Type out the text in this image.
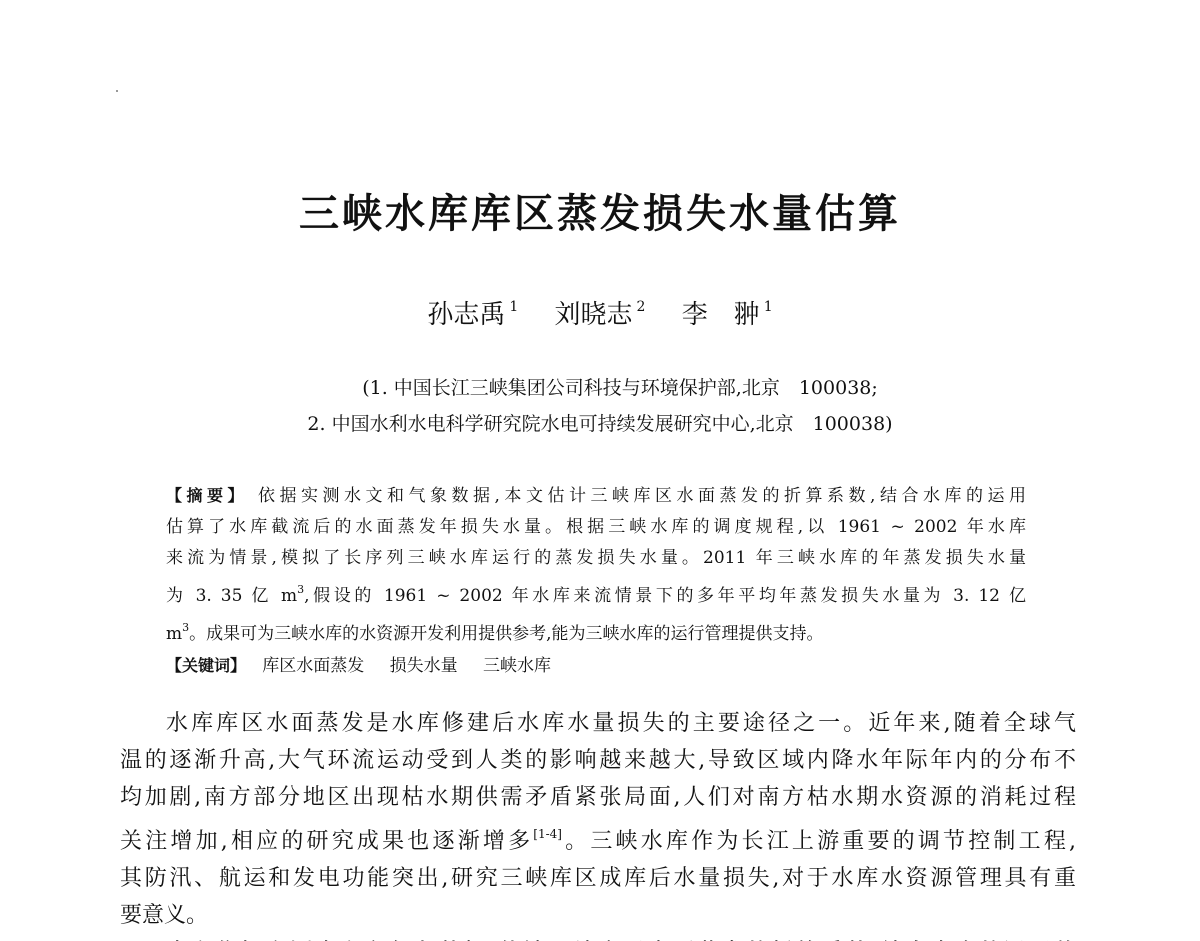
三峡水库库区蒸发损失水量估算
孙志禹 $^1$ 刘晓志 $^2$ 李　翀 $^1$
(1. 中国长江三峡集团公司科技与环境保护部,北京　100038;
2. 中国水利水电科学研究院水电可持续发展研究中心,北京　100038)
【摘要】 依据实测水文和气象数据,本文估计三峡库区水面蒸发的折算系数,结合水库的运用
估算了水库截流后的水面蒸发年损失水量。根据三峡水库的调度规程,以 1961 ~ 2002 年水库
来流为情景,模拟了长序列三峡水库运行的蒸发损失水量。2011 年三峡水库的年蒸发损失水量
为 3. 35 亿 $m^3$,假设的 1961 ~ 2002 年水库来流情景下的多年平均年蒸发损失水量为 3. 12 亿
$m^3$。成果可为三峡水库的水资源开发利用提供参考,能为三峡水库的运行管理提供支持。
【关键词】 库区水面蒸发 损失水量 三峡水库
水库库区水面蒸发是水库修建后水库水量损失的主要途径之一。近年来,随着全球气
温的逐渐升高,大气环流运动受到人类的影响越来越大,导致区域内降水年际年内的分布不
均加剧,南方部分地区出现枯水期供需矛盾紧张局面,人们对南方枯水期水资源的消耗过程
关注增加,相应的研究成果也逐渐增多[1-4]。三峡水库作为长江上游重要的调节控制工程,
其防汛、航运和发电功能突出,研究三峡库区成库后水量损失,对于水库水资源管理具有重
要意义。
